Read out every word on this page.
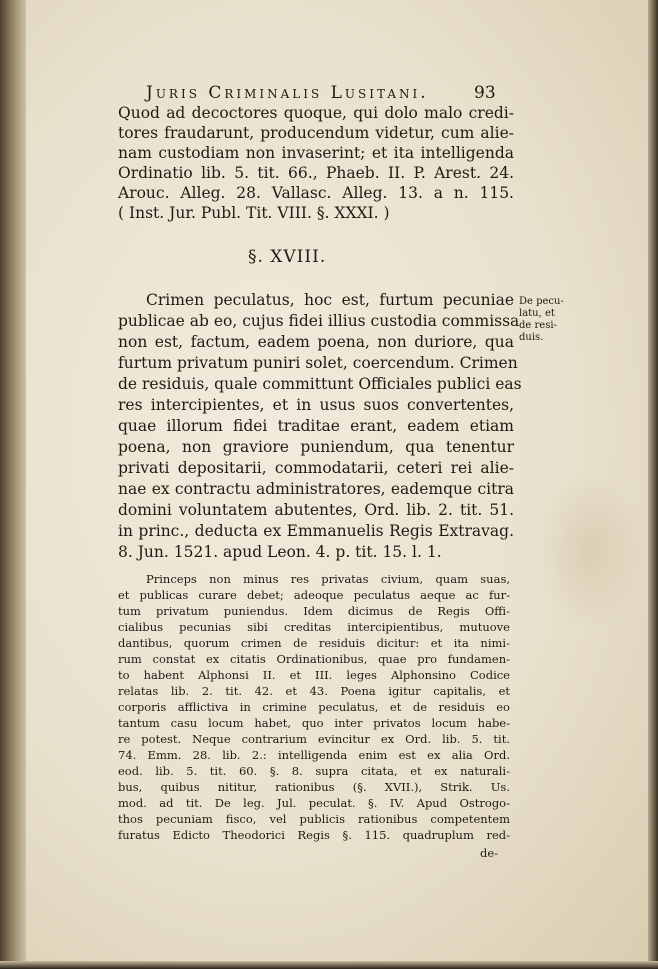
Juris Criminalis Lusitani.	93
Quod ad decoctores quoque, qui dolo malo credi-
tores fraudarunt, producendum videtur, cum alie-
nam custodiam non invaserint; et ita intelligenda
Ordinatio lib. 5. tit. 66., Phaeb. II. P. Arest. 24.
Arouc. Alleg. 28. Vallasc. Alleg. 13. a n. 115.
( Inst. Jur. Publ. Tit. VIII. §. XXXI. )
§. XVIII.
De pecu-
latu, et
de resi-
duis.
Crimen peculatus, hoc est, furtum pecuniae
publicae ab eo, cujus fidei illius custodia commissa
non est, factum, eadem poena, non duriore, qua
furtum privatum puniri solet, coercendum. Crimen
de residuis, quale committunt Officiales publici eas
res intercipientes, et in usus suos convertentes,
quae illorum fidei traditae erant, eadem etiam
poena, non graviore puniendum, qua tenentur
privati depositarii, commodatarii, ceteri rei alie-
nae ex contractu administratores, eademque citra
domini voluntatem abutentes, Ord. lib. 2. tit. 51.
in princ., deducta ex Emmanuelis Regis Extravag.
8. Jun. 1521. apud Leon. 4. p. tit. 15. l. 1.
Princeps non minus res privatas civium, quam suas,
et publicas curare debet; adeoque peculatus aeque ac fur-
tum privatum puniendus. Idem dicimus de Regis Offi-
cialibus pecunias sibi creditas intercipientibus, mutuove
dantibus, quorum crimen de residuis dicitur: et ita nimi-
rum constat ex citatis Ordinationibus, quae pro fundamen-
to habent Alphonsi II. et III. leges Alphonsino Codice
relatas lib. 2. tit. 42. et 43. Poena igitur capitalis, et
corporis afflictiva in crimine peculatus, et de residuis eo
tantum casu locum habet, quo inter privatos locum habe-
re potest. Neque contrarium evincitur ex Ord. lib. 5. tit.
74. Emm. 28. lib. 2.: intelligenda enim est ex alia Ord.
eod. lib. 5. tit. 60. §. 8. supra citata, et ex naturali-
bus, quibus nititur, rationibus (§. XVII.), Strik. Us.
mod. ad tit. De leg. Jul. peculat. §. IV. Apud Ostrogo-
thos pecuniam fisco, vel publicis rationibus competentem
furatus Edicto Theodorici Regis §. 115. quadruplum red-
de-
